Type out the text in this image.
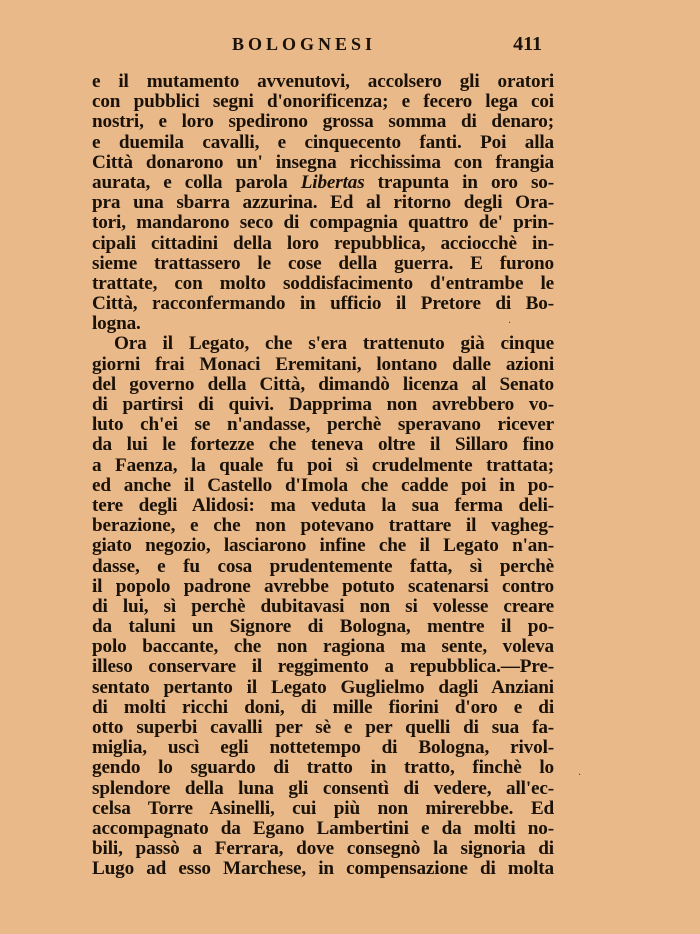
BOLOGNESI	411
e il mutamento avvenutovi, accolsero gli oratori
con pubblici segni d'onorificenza; e fecero lega coi
nostri, e loro spedirono grossa somma di denaro;
e duemila cavalli, e cinquecento fanti. Poi alla
Città donarono un' insegna ricchissima con frangia
aurata, e colla parola Libertas trapunta in oro so-
pra una sbarra azzurina. Ed al ritorno degli Ora-
tori, mandarono seco di compagnia quattro de' prin-
cipali cittadini della loro repubblica, acciocchè in-
sieme trattassero le cose della guerra. E furono
trattate, con molto soddisfacimento d'entrambe le
Città, racconfermando in ufficio il Pretore di Bo-
logna.
Ora il Legato, che s'era trattenuto già cinque
giorni frai Monaci Eremitani, lontano dalle azioni
del governo della Città, dimandò licenza al Senato
di partirsi di quivi. Dapprima non avrebbero vo-
luto ch'ei se n'andasse, perchè speravano ricever
da lui le fortezze che teneva oltre il Sillaro fino
a Faenza, la quale fu poi sì crudelmente trattata;
ed anche il Castello d'Imola che cadde poi in po-
tere degli Alidosi: ma veduta la sua ferma deli-
berazione, e che non potevano trattare il vagheg-
giato negozio, lasciarono infine che il Legato n'an-
dasse, e fu cosa prudentemente fatta, sì perchè
il popolo padrone avrebbe potuto scatenarsi contro
di lui, sì perchè dubitavasi non si volesse creare
da taluni un Signore di Bologna, mentre il po-
polo baccante, che non ragiona ma sente, voleva
illeso conservare il reggimento a repubblica.—Pre-
sentato pertanto il Legato Guglielmo dagli Anziani
di molti ricchi doni, di mille fiorini d'oro e di
otto superbi cavalli per sè e per quelli di sua fa-
miglia, uscì egli nottetempo di Bologna, rivol-
gendo lo sguardo di tratto in tratto, finchè lo
splendore della luna gli consentì di vedere, all'ec-
celsa Torre Asinelli, cui più non mirerebbe. Ed
accompagnato da Egano Lambertini e da molti no-
bili, passò a Ferrara, dove consegnò la signoria di
Lugo ad esso Marchese, in compensazione di molta
·
·
